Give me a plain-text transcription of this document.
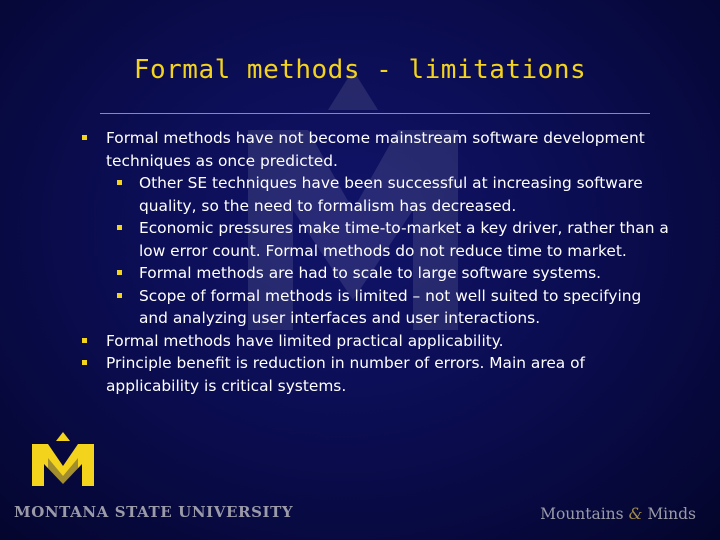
Formal methods - limitations
Formal methods have not become mainstream software development techniques as once predicted.
Other SE techniques have been successful at increasing software quality, so the need to formalism has decreased.
Economic pressures make time-to-market a key driver, rather than a low error count. Formal methods do not reduce time to market.
Formal methods are had to scale to large software systems.
Scope of formal methods is limited – not well suited to specifying and analyzing user interfaces and user interactions.
Formal methods have limited practical applicability.
Principle benefit is reduction in number of errors. Main area of applicability is critical systems.
MONTANA STATE UNIVERSITY	Mountains & Minds
